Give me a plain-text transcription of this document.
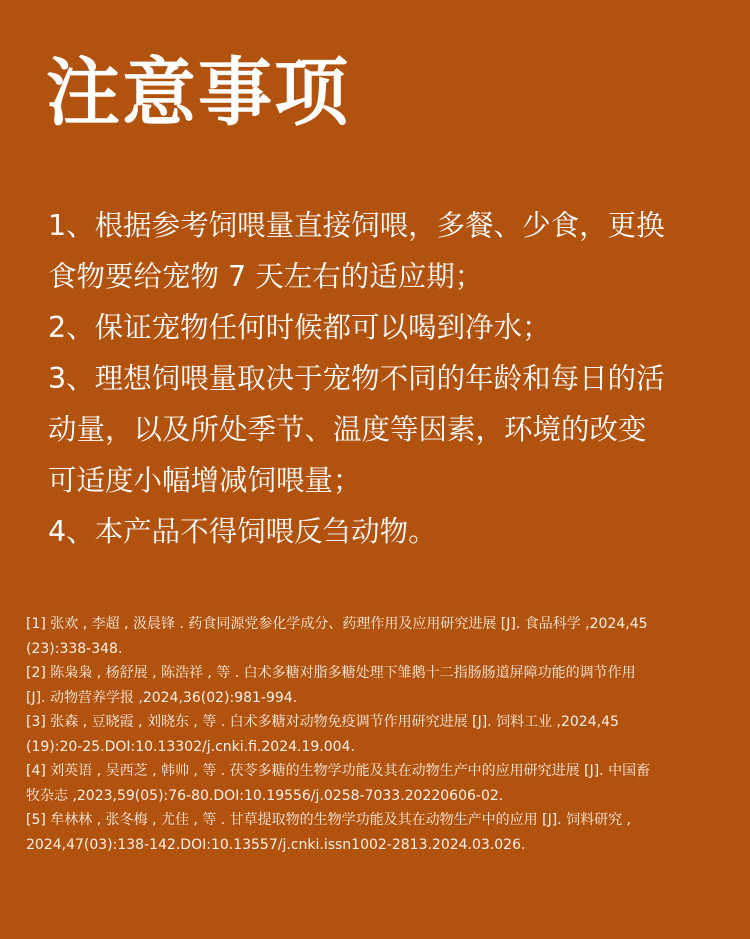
注意事项
1、根据参考饲喂量直接饲喂，多餐、少食，更换
食物要给宠物 7 天左右的适应期；
2、保证宠物任何时候都可以喝到净水；
3、理想饲喂量取决于宠物不同的年龄和每日的活
动量，以及所处季节、温度等因素，环境的改变
可适度小幅增减饲喂量；
4、本产品不得饲喂反刍动物。
[1] 张欢 , 李超 , 汲晨锋 . 药食同源党参化学成分、药理作用及应用研究进展 [J]. 食品科学 ,2024,45
(23):338-348.
[2] 陈枭枭 , 杨舒展 , 陈浩祥 , 等 . 白术多糖对脂多糖处理下雏鹅十二指肠肠道屏障功能的调节作用
[J]. 动物营养学报 ,2024,36(02):981-994.
[3] 张森 , 豆晓霞 , 刘晓东 , 等 . 白术多糖对动物免疫调节作用研究进展 [J]. 饲料工业 ,2024,45
(19):20-25.DOI:10.13302/j.cnki.fi.2024.19.004.
[4] 刘英语 , 吴西芝 , 韩帅 , 等 . 茯苓多糖的生物学功能及其在动物生产中的应用研究进展 [J]. 中国畜
牧杂志 ,2023,59(05):76-80.DOI:10.19556/j.0258-7033.20220606-02.
[5] 牟林林 , 张冬梅 , 尤佳 , 等 . 甘草提取物的生物学功能及其在动物生产中的应用 [J]. 饲料研究 ,
2024,47(03):138-142.DOI:10.13557/j.cnki.issn1002-2813.2024.03.026.
